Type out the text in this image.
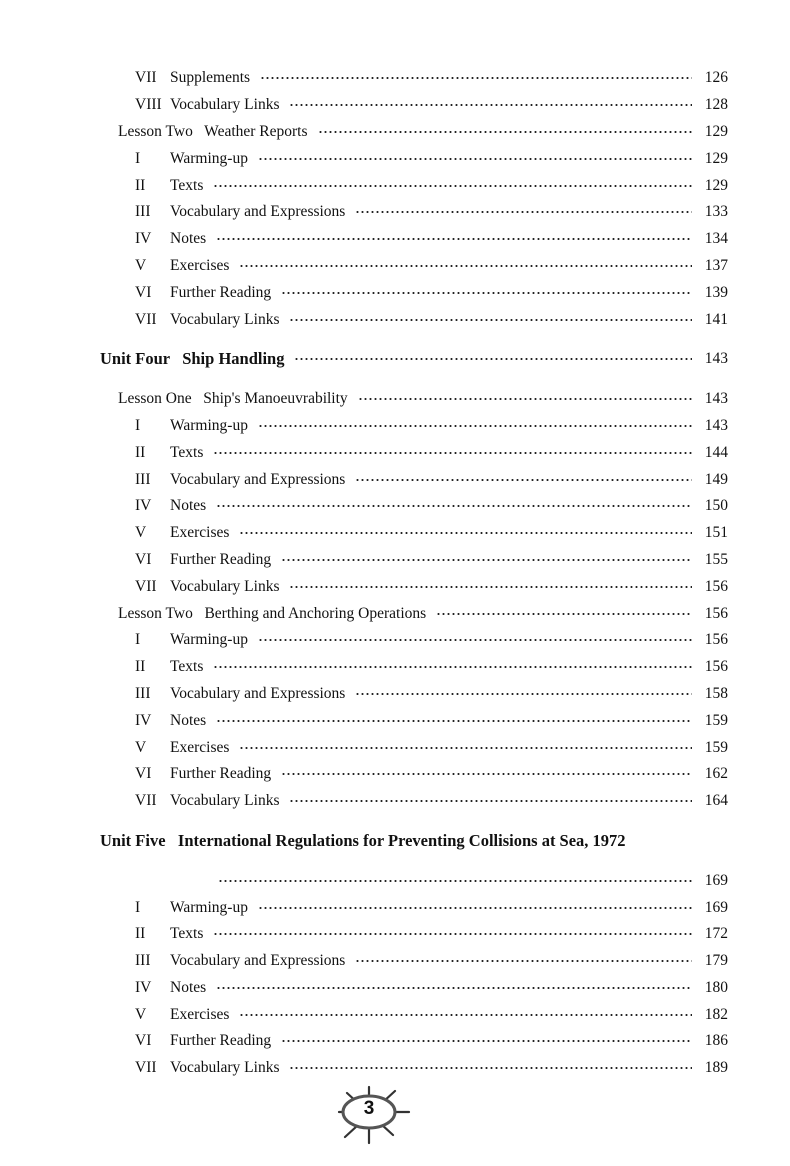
VII Supplements	126
VIII Vocabulary Links	128
Lesson Two   Weather Reports	129
I	Warming-up	129
II	Texts	129
III	Vocabulary and Expressions	133
IV	Notes	134
V	Exercises	137
VI	Further Reading	139
VII Vocabulary Links	141
Unit Four   Ship Handling	143
Lesson One   Ship's Manoeuvrability	143
I	Warming-up	143
II	Texts	144
III	Vocabulary and Expressions	149
IV	Notes	150
V	Exercises	151
VI	Further Reading	155
VII Vocabulary Links	156
Lesson Two   Berthing and Anchoring Operations	156
I	Warming-up	156
II	Texts	156
III	Vocabulary and Expressions	158
IV	Notes	159
V	Exercises	159
VI	Further Reading	162
VII Vocabulary Links	164
Unit Five   International Regulations for Preventing Collisions at Sea, 1972
169
I	Warming-up	169
II	Texts	172
III	Vocabulary and Expressions	179
IV	Notes	180
V	Exercises	182
VI	Further Reading	186
VII Vocabulary Links	189
3
